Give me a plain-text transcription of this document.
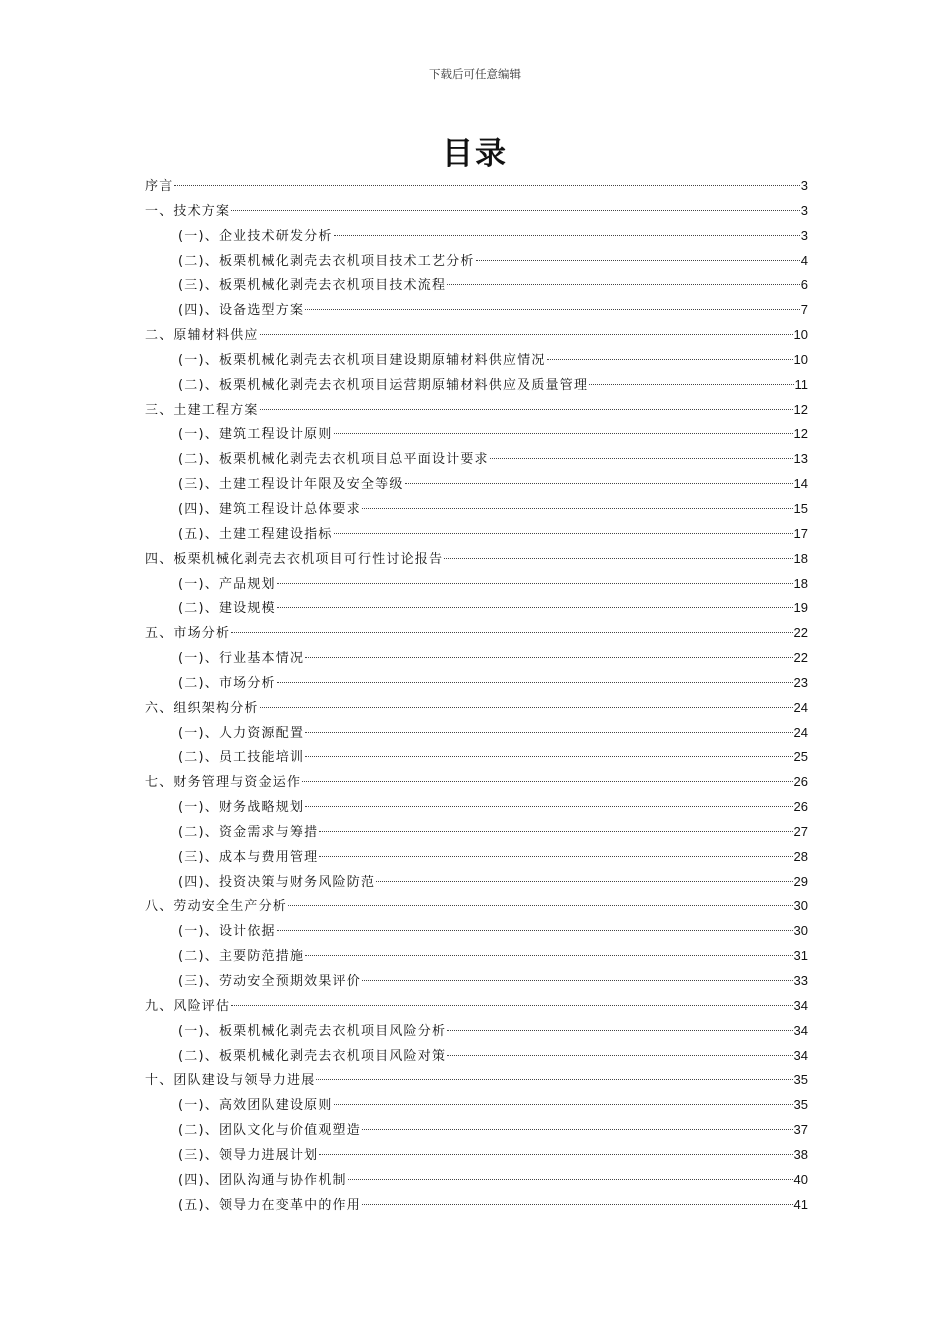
下载后可任意编辑
目录
序言	3
一、技术方案	3
(一)、企业技术研发分析	3
(二)、板栗机械化剥壳去衣机项目技术工艺分析	4
(三)、板栗机械化剥壳去衣机项目技术流程	6
(四)、设备选型方案	7
二、原辅材料供应	10
(一)、板栗机械化剥壳去衣机项目建设期原辅材料供应情况	10
(二)、板栗机械化剥壳去衣机项目运营期原辅材料供应及质量管理	11
三、土建工程方案	12
(一)、建筑工程设计原则	12
(二)、板栗机械化剥壳去衣机项目总平面设计要求	13
(三)、土建工程设计年限及安全等级	14
(四)、建筑工程设计总体要求	15
(五)、土建工程建设指标	17
四、板栗机械化剥壳去衣机项目可行性讨论报告	18
(一)、产品规划	18
(二)、建设规模	19
五、市场分析	22
(一)、行业基本情况	22
(二)、市场分析	23
六、组织架构分析	24
(一)、人力资源配置	24
(二)、员工技能培训	25
七、财务管理与资金运作	26
(一)、财务战略规划	26
(二)、资金需求与筹措	27
(三)、成本与费用管理	28
(四)、投资决策与财务风险防范	29
八、劳动安全生产分析	30
(一)、设计依据	30
(二)、主要防范措施	31
(三)、劳动安全预期效果评价	33
九、风险评估	34
(一)、板栗机械化剥壳去衣机项目风险分析	34
(二)、板栗机械化剥壳去衣机项目风险对策	34
十、团队建设与领导力进展	35
(一)、高效团队建设原则	35
(二)、团队文化与价值观塑造	37
(三)、领导力进展计划	38
(四)、团队沟通与协作机制	40
(五)、领导力在变革中的作用	41
